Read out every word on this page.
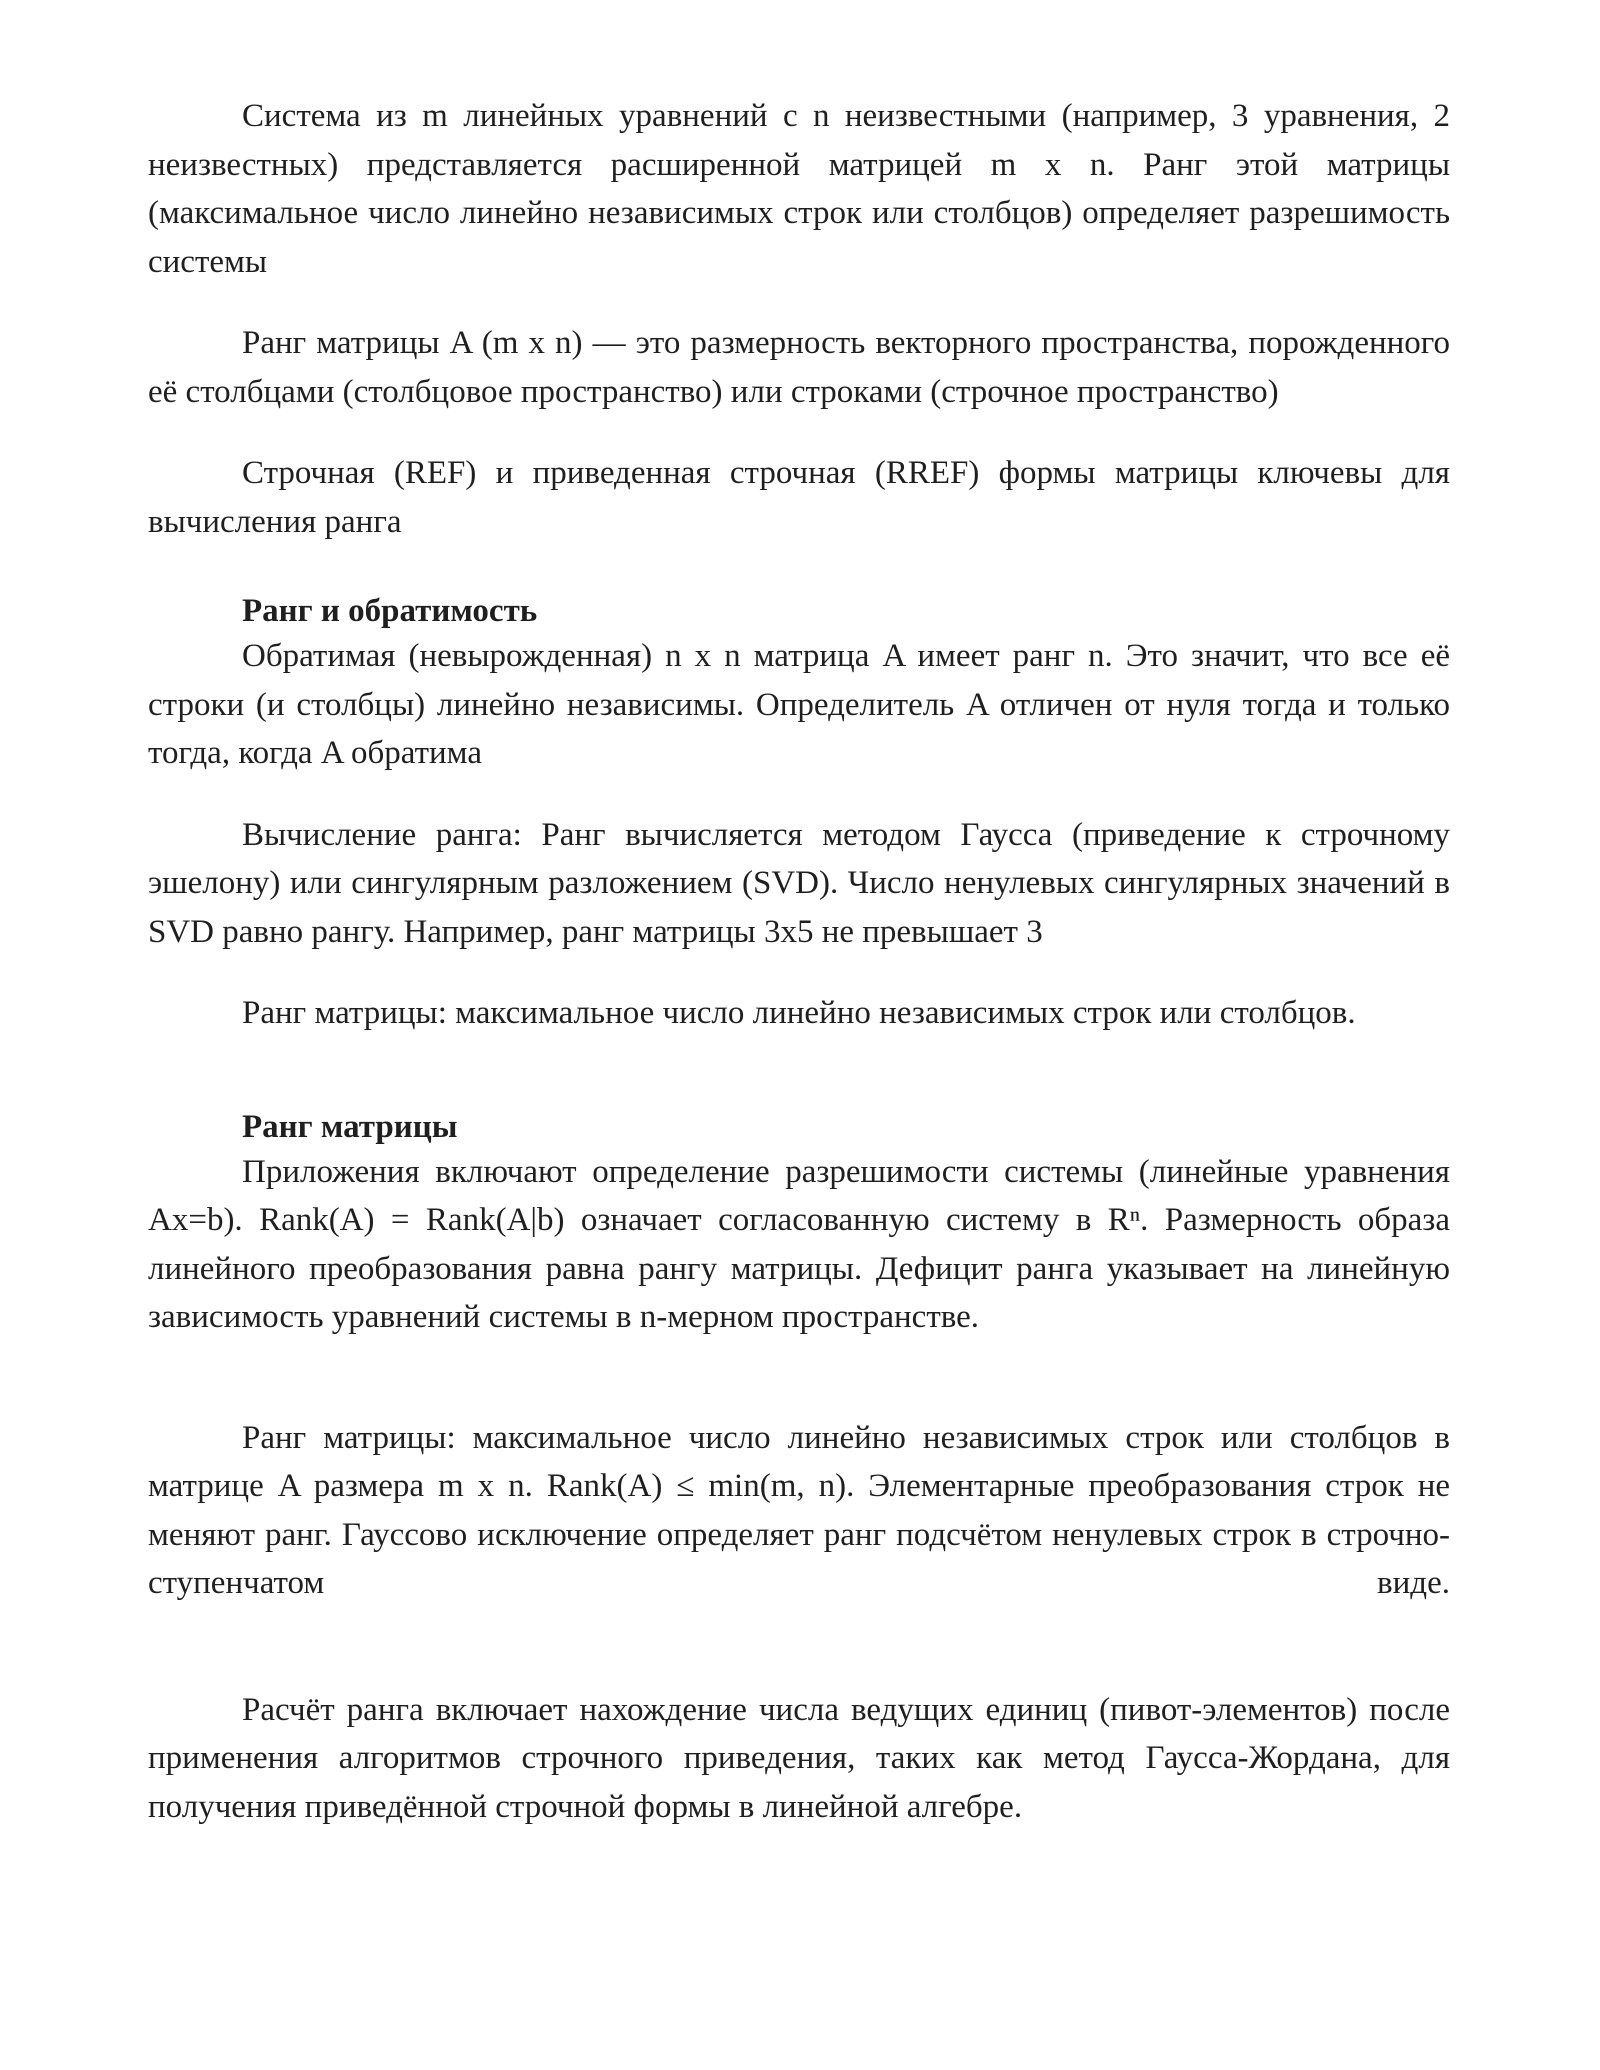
Система из m линейных уравнений с n неизвестными (например, 3 уравнения, 2 неизвестных) представляется расширенной матрицей m x n. Ранг этой матрицы (максимальное число линейно независимых строк или столбцов) определяет разрешимость системы

Ранг матрицы A (m x n) — это размерность векторного пространства, порожденного её столбцами (столбцовое пространство) или строками (строчное пространство)

Строчная (REF) и приведенная строчная (RREF) формы матрицы ключевы для вычисления ранга

Ранг и обратимость

Обратимая (невырожденная) n x n матрица A имеет ранг n. Это значит, что все её строки (и столбцы) линейно независимы. Определитель A отличен от нуля тогда и только тогда, когда A обратима

Вычисление ранга: Ранг вычисляется методом Гаусса (приведение к строчному эшелону) или сингулярным разложением (SVD). Число ненулевых сингулярных значений в SVD равно рангу. Например, ранг матрицы 3x5 не превышает 3

Ранг матрицы: максимальное число линейно независимых строк или столбцов.

Ранг матрицы

Приложения включают определение разрешимости системы (линейные уравнения Ax=b). Rank(A) = Rank(A|b) означает согласованную систему в Rⁿ. Размерность образа линейного преобразования равна рангу матрицы. Дефицит ранга указывает на линейную зависимость уравнений системы в n-мерном пространстве.

Ранг матрицы: максимальное число линейно независимых строк или столбцов в матрице A размера m x n. Rank(A) ≤ min(m, n). Элементарные преобразования строк не меняют ранг. Гауссово исключение определяет ранг подсчётом ненулевых строк в строчно-ступенчатом виде.

Расчёт ранга включает нахождение числа ведущих единиц (пивот-элементов) после применения алгоритмов строчного приведения, таких как метод Гаусса-Жордана, для получения приведённой строчной формы в линейной алгебре.
